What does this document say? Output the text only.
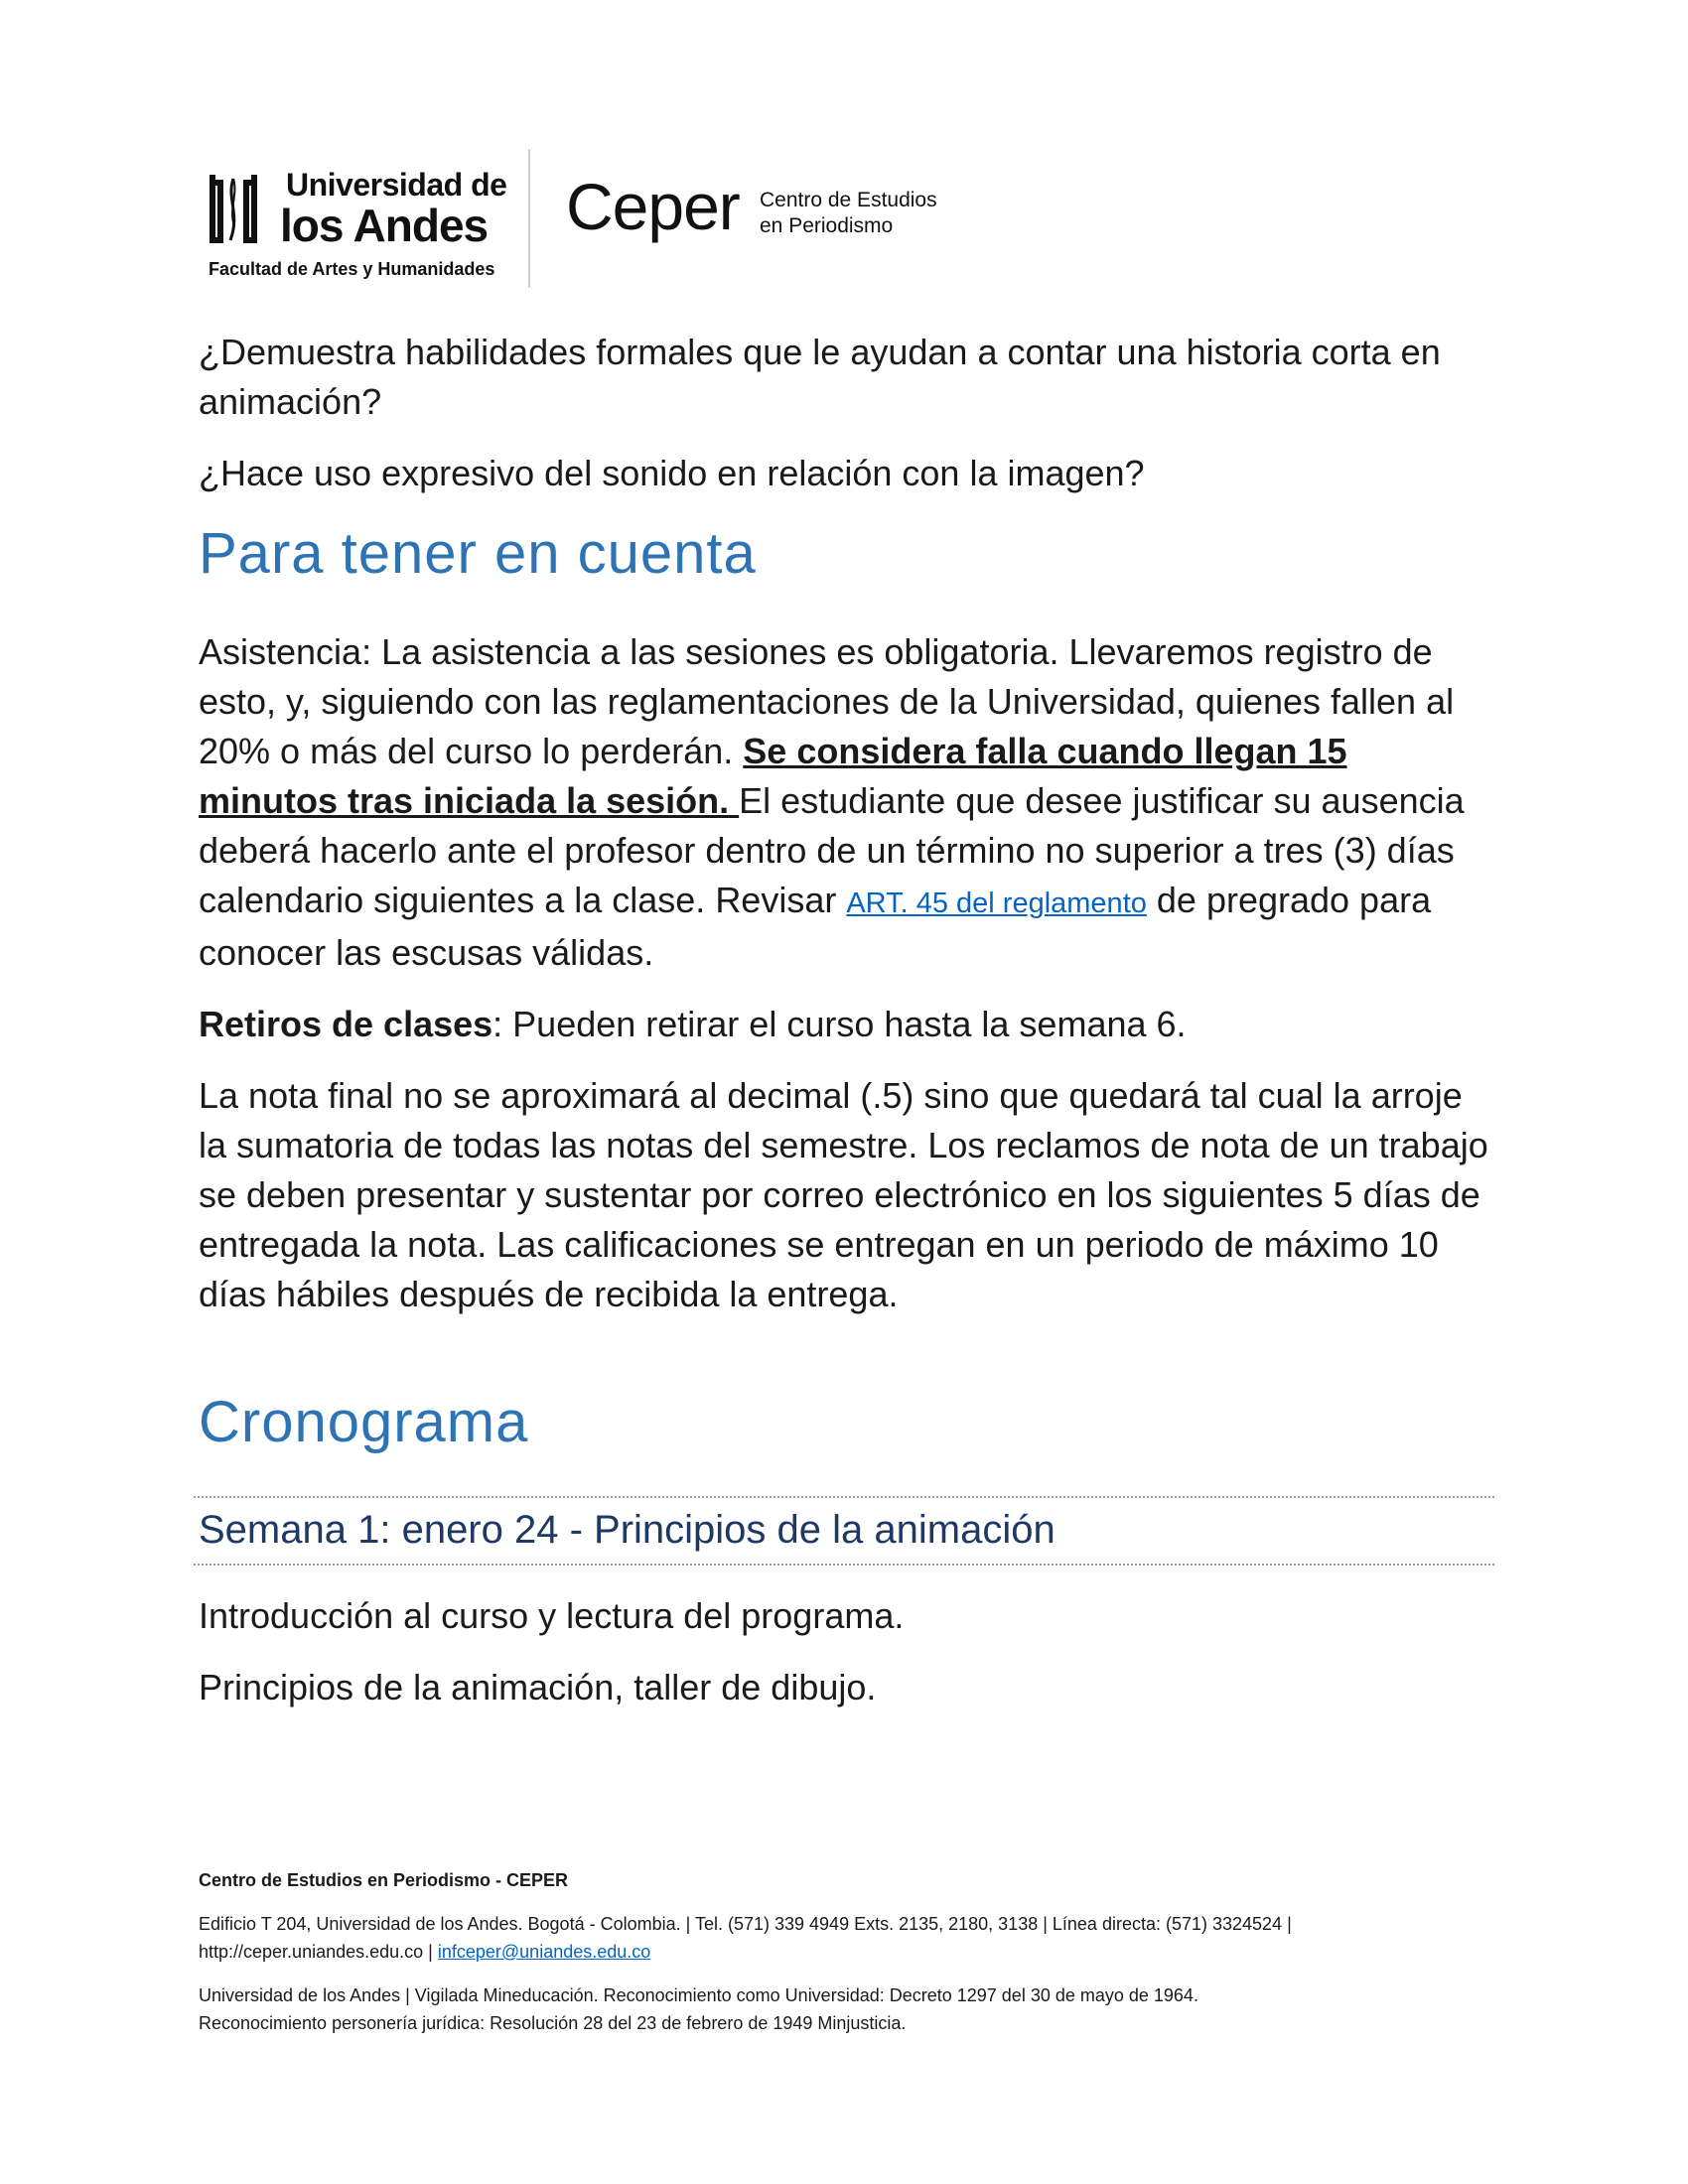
Universidad de
los Andes
Facultad de Artes y Humanidades
Ceper Centro de Estudios
en Periodismo

¿Demuestra habilidades formales que le ayudan a contar una historia corta en animación?

¿Hace uso expresivo del sonido en relación con la imagen?

Para tener en cuenta

Asistencia: La asistencia a las sesiones es obligatoria. Llevaremos registro de esto, y, siguiendo con las reglamentaciones de la Universidad, quienes fallen al 20% o más del curso lo perderán. Se considera falla cuando llegan 15 minutos tras iniciada la sesión. El estudiante que desee justificar su ausencia deberá hacerlo ante el profesor dentro de un término no superior a tres (3) días calendario siguientes a la clase. Revisar ART. 45 del reglamento de pregrado para conocer las escusas válidas.

Retiros de clases: Pueden retirar el curso hasta la semana 6.

La nota final no se aproximará al decimal (.5) sino que quedará tal cual la arroje la sumatoria de todas las notas del semestre. Los reclamos de nota de un trabajo se deben presentar y sustentar por correo electrónico en los siguientes 5 días de entregada la nota. Las calificaciones se entregan en un periodo de máximo 10 días hábiles después de recibida la entrega.

Cronograma
Semana 1: enero 24 - Principios de la animación

Introducción al curso y lectura del programa.

Principios de la animación, taller de dibujo.

Centro de Estudios en Periodismo - CEPER

Edificio T 204, Universidad de los Andes. Bogotá - Colombia. | Tel. (571) 339 4949 Exts. 2135, 2180, 3138 | Línea directa: (571) 3324524 | http://ceper.uniandes.edu.co | infceper@uniandes.edu.co

Universidad de los Andes | Vigilada Mineducación. Reconocimiento como Universidad: Decreto 1297 del 30 de mayo de 1964.
Reconocimiento personería jurídica: Resolución 28 del 23 de febrero de 1949 Minjusticia.
